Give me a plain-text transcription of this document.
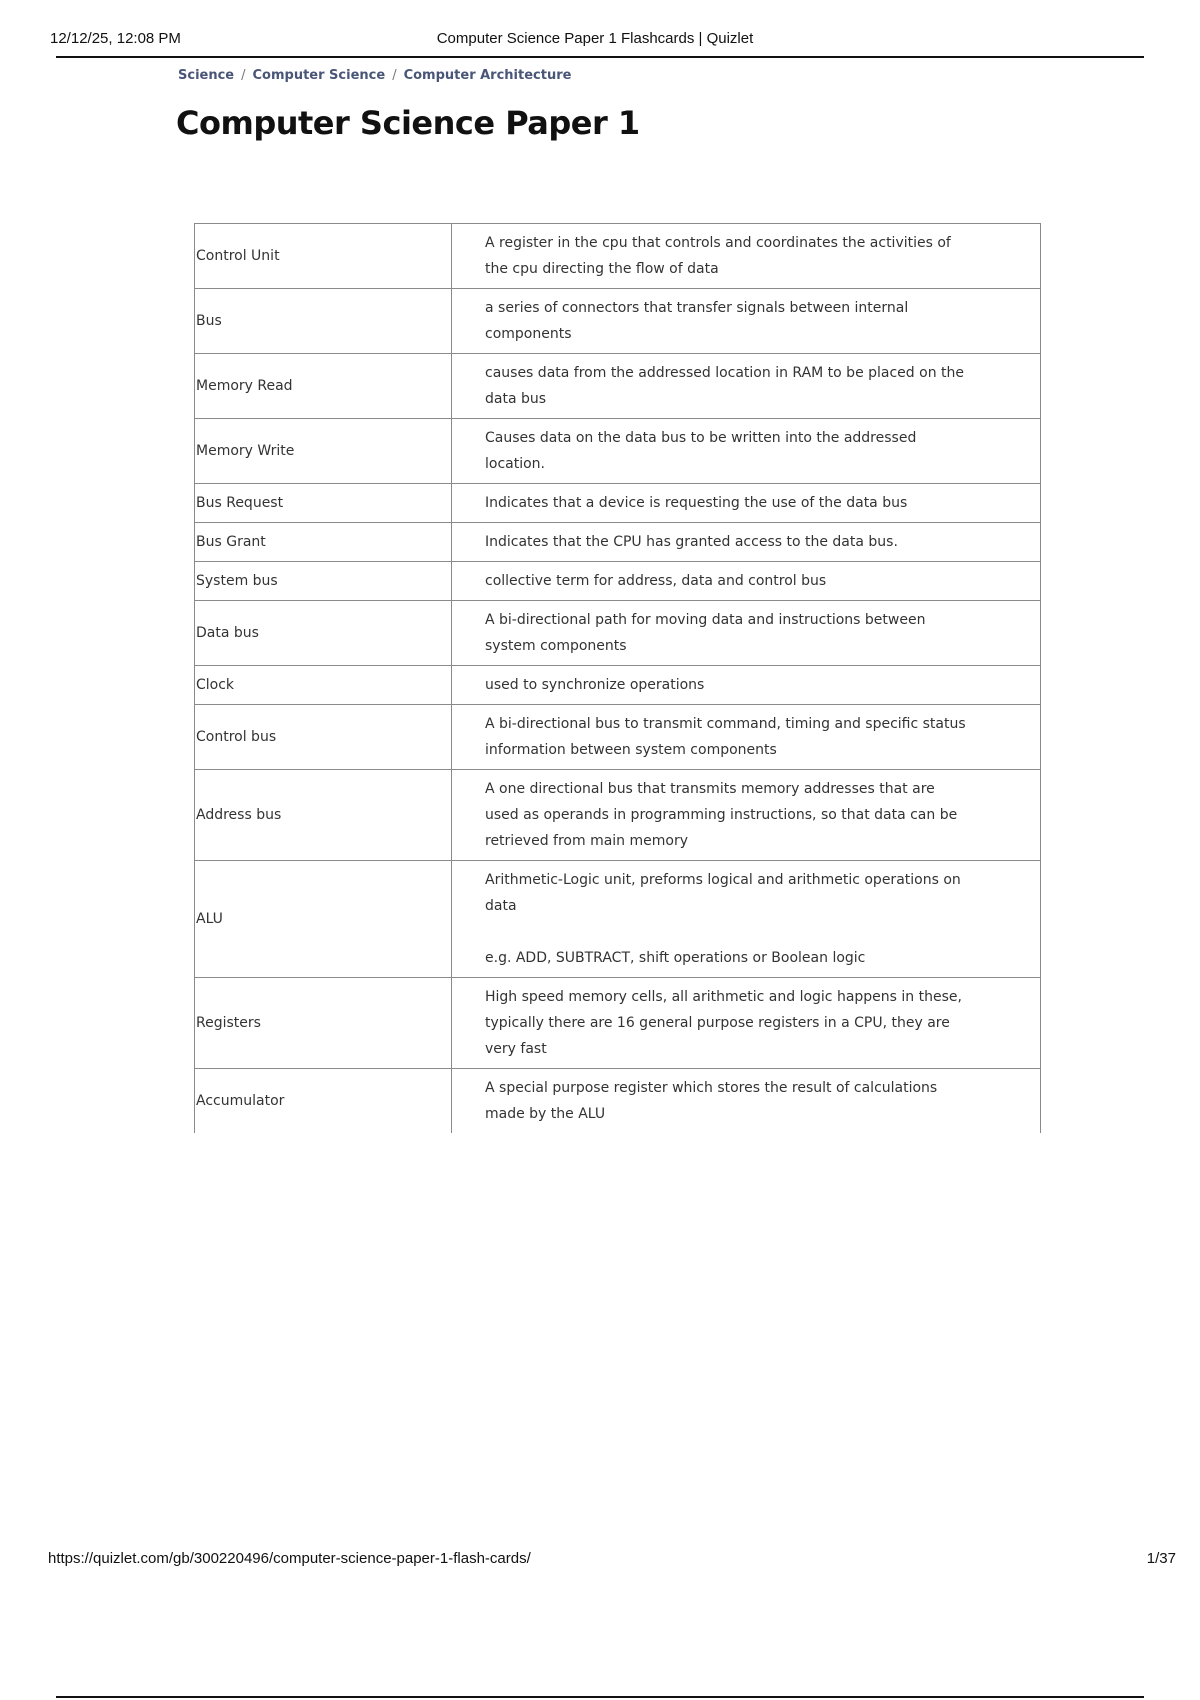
12/12/25, 12:08 PM	Computer Science Paper 1 Flashcards | Quizlet
Science / Computer Science / Computer Architecture
Computer Science Paper 1
Control Unit	A register in the cpu that controls and coordinates the activities of the cpu directing the flow of data
Bus	a series of connectors that transfer signals between internal components
Memory Read	causes data from the addressed location in RAM to be placed on the data bus
Memory Write	Causes data on the data bus to be written into the addressed location.
Bus Request	Indicates that a device is requesting the use of the data bus
Bus Grant	Indicates that the CPU has granted access to the data bus.
System bus	collective term for address, data and control bus
Data bus	A bi-directional path for moving data and instructions between system components
Clock	used to synchronize operations
Control bus	A bi-directional bus to transmit command, timing and specific status information between system components
Address bus	A one directional bus that transmits memory addresses that are used as operands in programming instructions, so that data can be retrieved from main memory
ALU	Arithmetic-Logic unit, preforms logical and arithmetic operations on data

e.g. ADD, SUBTRACT, shift operations or Boolean logic
Registers	High speed memory cells, all arithmetic and logic happens in these, typically there are 16 general purpose registers in a CPU, they are very fast
Accumulator	A special purpose register which stores the result of calculations made by the ALU
https://quizlet.com/gb/300220496/computer-science-paper-1-flash-cards/	1/37
